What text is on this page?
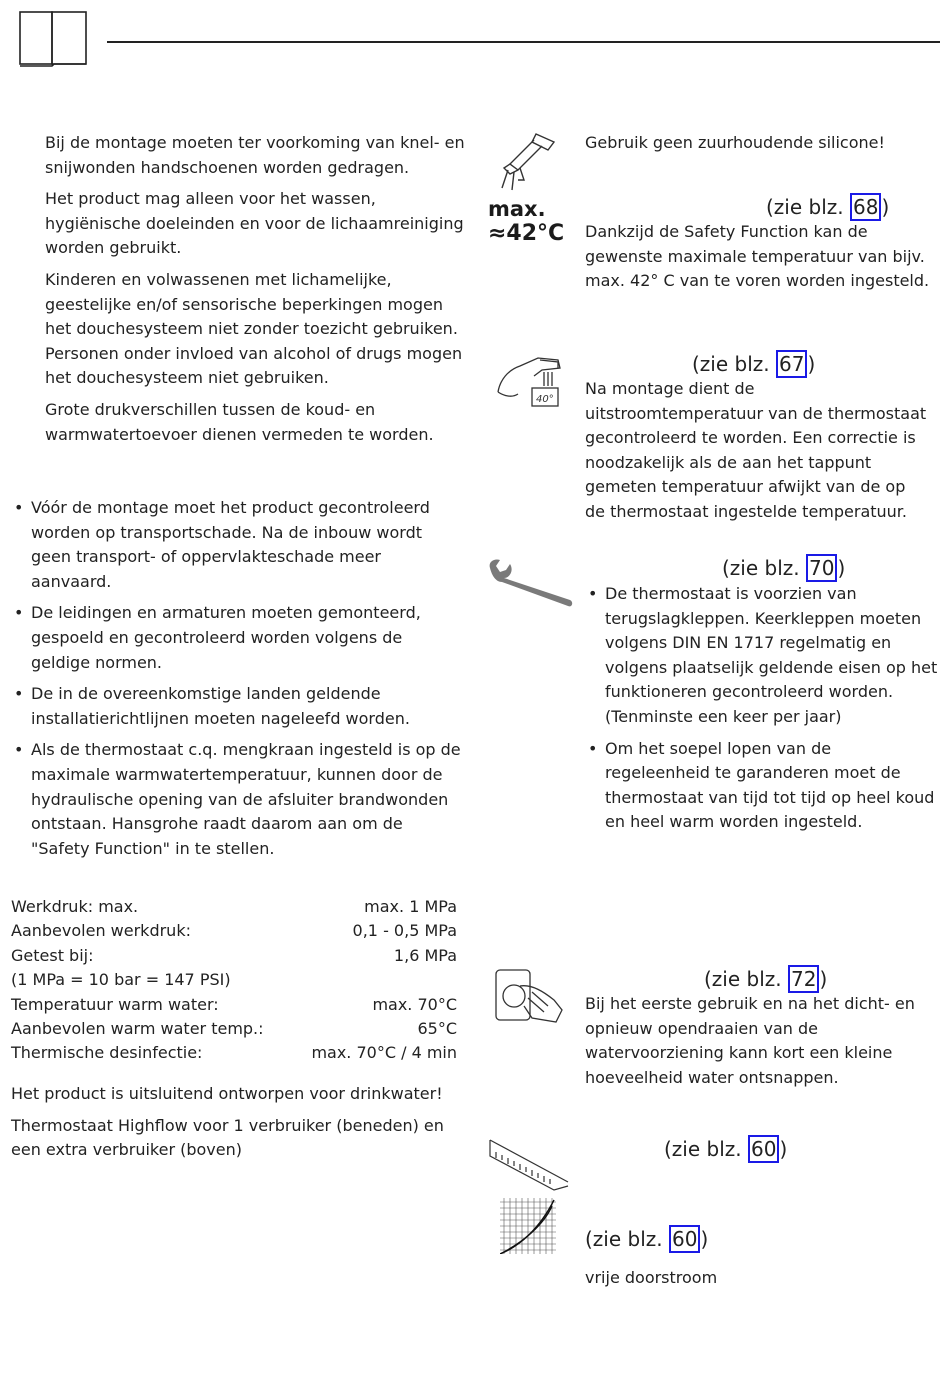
Bij de montage moeten ter voorkoming van knel- en snijwonden handschoenen worden gedragen.

Het product mag alleen voor het wassen, hygiënische doeleinden en voor de lichaamreiniging worden gebruikt.

Kinderen en volwassenen met lichamelijke, geestelijke en/of sensorische beperkingen mogen het douchesysteem niet zonder toezicht gebruiken. Personen onder invloed van alcohol of drugs mogen het douchesysteem niet gebruiken.

Grote drukverschillen tussen de koud- en warmwatertoevoer dienen vermeden te worden.

• Vóór de montage moet het product gecontroleerd worden op transportschade. Na de inbouw wordt geen transport- of oppervlakteschade meer aanvaard.
• De leidingen en armaturen moeten gemonteerd, gespoeld en gecontroleerd worden volgens de geldige normen.
• De in de overeenkomstige landen geldende installatierichtlijnen moeten nageleefd worden.
• Als de thermostaat c.q. mengkraan ingesteld is op de maximale warmwatertemperatuur, kunnen door de hydraulische opening van de afsluiter brandwonden ontstaan. Hansgrohe raadt daarom aan om de "Safety Function" in te stellen.
Werkdruk: max.	max. 1 MPa
Aanbevolen werkdruk:	0,1 - 0,5 MPa
Getest bij:	1,6 MPa
(1 MPa = 10 bar = 147 PSI)
Temperatuur warm water:	max. 70°C
Aanbevolen warm water temp.:	65°C
Thermische desinfectie:	max. 70°C / 4 min

Het product is uitsluitend ontworpen voor drinkwater!

Thermostaat Highflow voor 1 verbruiker (beneden) en een extra verbruiker (boven)

Gebruik geen zuurhoudende silicone!
max.
≈42°C
(zie blz. 68 )
Dankzijd de Safety Function kan de gewenste maximale temperatuur van bijv. max. 42° C van te voren worden ingesteld.
40°
(zie blz. 67 )
Na montage dient de uitstroomtemperatuur van de thermostaat gecontroleerd te worden. Een correctie is noodzakelijk als de aan het tappunt gemeten temperatuur afwijkt van de op de thermostaat ingestelde temperatuur.
(zie blz. 70 )
• De thermostaat is voorzien van terugslagkleppen. Keerkleppen moeten volgens DIN EN 1717 regelmatig en volgens plaatselijk geldende eisen op het funktioneren gecontroleerd worden. (Tenminste een keer per jaar)
• Om het soepel lopen van de regeleenheid te garanderen moet de thermostaat van tijd tot tijd op heel koud en heel warm worden ingesteld.
(zie blz. 72 )
Bij het eerste gebruik en na het dicht- en opnieuw opendraaien van de watervoorziening kann kort een kleine hoeveelheid water ontsnappen.
(zie blz. 60 )
(zie blz. 60 )
vrije doorstroom
